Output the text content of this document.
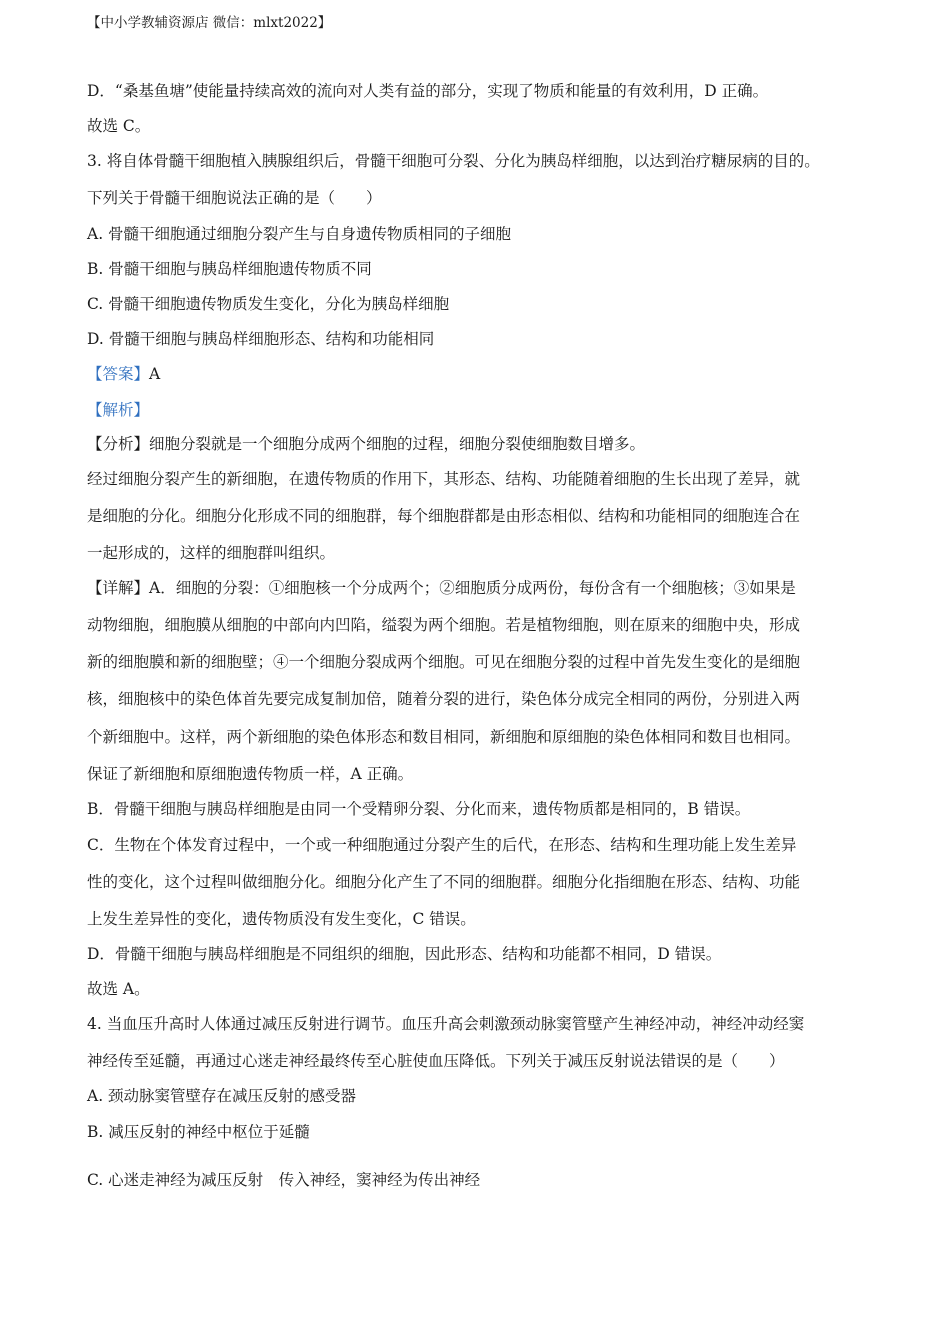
【中小学教辅资源店 微信：mlxt2022】
D．“桑基鱼塘”使能量持续高效的流向对人类有益的部分，实现了物质和能量的有效利用，D 正确。
故选 C。
3. 将自体骨髓干细胞植入胰腺组织后，骨髓干细胞可分裂、分化为胰岛样细胞，以达到治疗糖尿病的目的。
下列关于骨髓干细胞说法正确的是（　　）
A. 骨髓干细胞通过细胞分裂产生与自身遗传物质相同的子细胞
B. 骨髓干细胞与胰岛样细胞遗传物质不同
C. 骨髓干细胞遗传物质发生变化，分化为胰岛样细胞
D. 骨髓干细胞与胰岛样细胞形态、结构和功能相同
【答案】A
【解析】
【分析】细胞分裂就是一个细胞分成两个细胞的过程，细胞分裂使细胞数目增多。
经过细胞分裂产生的新细胞，在遗传物质的作用下，其形态、结构、功能随着细胞的生长出现了差异，就
是细胞的分化。细胞分化形成不同的细胞群，每个细胞群都是由形态相似、结构和功能相同的细胞连合在
一起形成的，这样的细胞群叫组织。
【详解】A．细胞的分裂：①细胞核一个分成两个；②细胞质分成两份，每份含有一个细胞核；③如果是
动物细胞，细胞膜从细胞的中部向内凹陷，缢裂为两个细胞。若是植物细胞，则在原来的细胞中央，形成
新的细胞膜和新的细胞壁；④一个细胞分裂成两个细胞。可见在细胞分裂的过程中首先发生变化的是细胞
核，细胞核中的染色体首先要完成复制加倍，随着分裂的进行，染色体分成完全相同的两份，分别进入两
个新细胞中。这样，两个新细胞的染色体形态和数目相同，新细胞和原细胞的染色体相同和数目也相同。
保证了新细胞和原细胞遗传物质一样，A 正确。
B．骨髓干细胞与胰岛样细胞是由同一个受精卵分裂、分化而来，遗传物质都是相同的，B 错误。
C．生物在个体发育过程中，一个或一种细胞通过分裂产生的后代，在形态、结构和生理功能上发生差异
性的变化，这个过程叫做细胞分化。细胞分化产生了不同的细胞群。细胞分化指细胞在形态、结构、功能
上发生差异性的变化，遗传物质没有发生变化，C 错误。
D．骨髓干细胞与胰岛样细胞是不同组织的细胞，因此形态、结构和功能都不相同，D 错误。
故选 A。
4. 当血压升高时人体通过减压反射进行调节。血压升高会刺激颈动脉窦管壁产生神经冲动，神经冲动经窦
神经传至延髓，再通过心迷走神经最终传至心脏使血压降低。下列关于减压反射说法错误的是（　　）
A. 颈动脉窦管壁存在减压反射的感受器
B. 减压反射的神经中枢位于延髓
C. 心迷走神经为减压反射　传入神经，窦神经为传出神经
